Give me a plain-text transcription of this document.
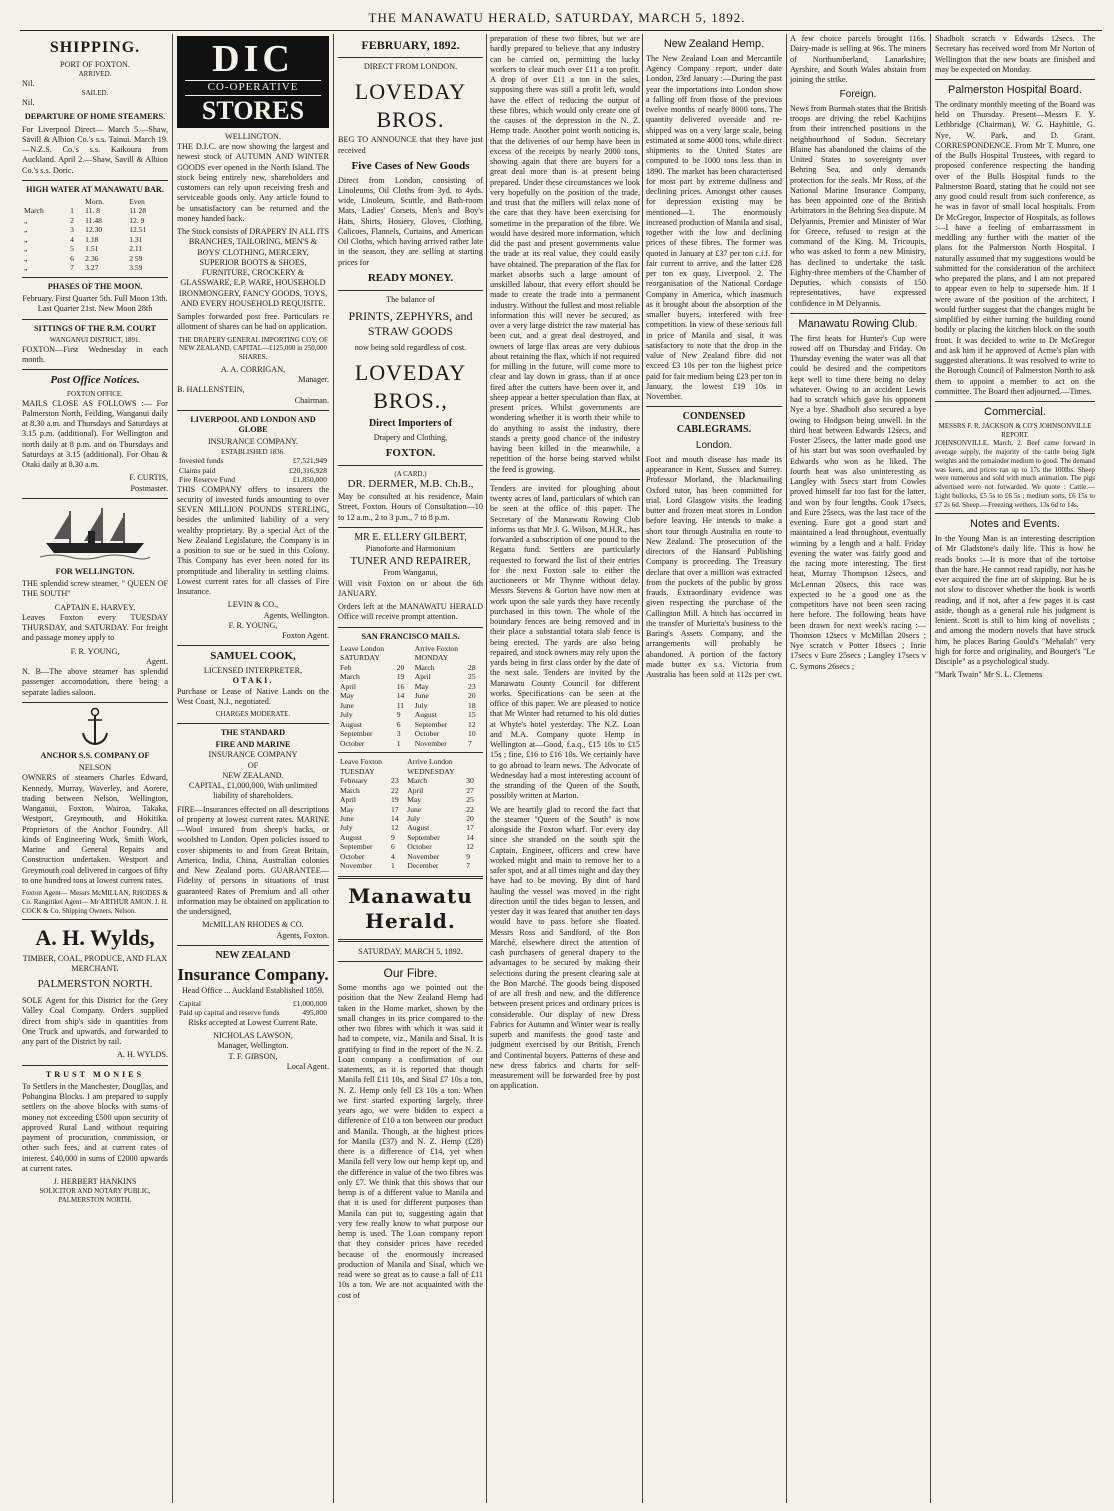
THE MANAWATU HERALD, SATURDAY, MARCH 5, 1892.
SHIPPING.
PORT OF FOXTON.
ARRIVED.
Nil.
SAILED.
Nil.
DEPARTURE OF HOME STEAMERS.

For Liverpool Direct— March 5.—Shaw, Savill & Albion Co.'s s.s. Tainui. March 19.—N.Z.S. Co.'s s.s. Kaikoura from Auckland. April 2.—Shaw, Savill & Albion Co.'s s.s. Doric.

HIGH WATER AT MANAWATU BAR.
		Morn.	Even
March	1	11. 8	11 28
„	2	11.48	12. 9
„	3	12.30	12.51
„	4	1.18	1.31
„	5	1.51	2.11
„	6	2.36	2 59
„	7	3.27	3.59
PHASES OF THE MOON.

February. First Quarter 5th. Full Moon 13th. Last Quarter 21st. New Moon 28th

SITTINGS OF THE R.M. COURT
WANGANUI DISTRICT, 1891.

FOXTON—First Wednesday in each month.

Post Office Notices.
FOXTON OFFICE.

MAILS CLOSE AS FOLLOWS :— For Palmerston North, Feilding, Wanganui daily at 8.30 a.m. and Thursdays and Saturdays at 3.15 p.m. (additional). For Wellington and north daily at 8 p.m. and on Thursdays and Saturdays at 3.15 (additional). For Ohau & Otaki daily at 8.30 a.m.

F. CURTIS,
Postmaster.
FOR WELLINGTON.

THE splendid screw steamer, " QUEEN OF THE SOUTH"

CAPTAIN E. HARVEY,

Leaves Foxton every TUESDAY THURSDAY, and SATURDAY. For freight and passage money apply to

F. R. YOUNG,
Agent.

N. B—The above steamer has splendid passenger accomodation, there being a separate ladies saloon.

ANCHOR S.S. COMPANY OF
NELSON

OWNERS of steamers Charles Edward, Kennedy, Murray, Waverley, and Aorere, trading between Nelson, Wellington, Wanganui, Foxton, Wairoa, Takaka, Westport, Greymouth, and Hokitika. Proprietors of the Anchor Foundry. All kinds of Engineering Work, Smith Work, Marine and General Repairs and Construction undertaken. Westport and Greymouth coal delivered in cargoes of fifty to one hundred tons at lowest current rates.

Foxton Agent— Messrs McMILLAN, RHODES & Co. Rangitikei Agent— Mr ARTHUR AMON. J. H. COCK & Co. Shipping Owners, Nelson.

A. H. Wylds,
TIMBER, COAL, PRODUCE, AND FLAX MERCHANT.
PALMERSTON NORTH.

SOLE Agent for this District for the Grey Valley Coal Company. Orders supplied direct from ship's side in quantities from One Truck and upwards, and forwarded to any part of the District by rail.

A. H. WYLDS.
TRUST MONIES

To Settlers in the Manchester, Dougllas, and Pohangina Blocks. I am prepared to supply settlers on the above blocks with sums of money not exceeding £500 upon security of approved Rural Land without requiring payment of procuration, commission, or other such fees, and at current rates of interest. £40,000 in sums of £2000 upwards at current rates.

J. HERBERT HANKINS
SOLICITOR AND NOTARY PUBLIC, PALMERSTON NORTH.
DIC
CO-OPERATIVE
STORES
WELLINGTON.

THE D.I.C. are now showing the largest and newest stock of AUTUMN AND WINTER GOODS ever opened in the North Island. The stock being entirely new, shareholders and customers can rely upon receiving fresh and serviceable goods only. Any article found to be unsatisfactory can be returned and the money handed back.

The Stock consists of DRAPERY IN ALL ITS BRANCHES, TAILORING, MEN'S & BOYS' CLOTHING, MERCERY, SUPERIOR BOOTS & SHOES, FURNITURE, CROCKERY & GLASSWARE, E.P. WARE, HOUSEHOLD IRONMONGERY, FANCY GOODS, TOYS, AND EVERY HOUSEHOLD REQUISITE.

Samples forwarded post free. Particulars re allotment of shares can be had on application.

THE DRAPERY GENERAL IMPORTING COY, OF NEW ZEALAND, CAPITAL—£125,000 in 250,000 SHARES.

A. A. CORRIGAN,
Manager.
B. HALLENSTEIN,
Chairman.
LIVERPOOL AND LONDON AND GLOBE
INSURANCE COMPANY.
ESTABLISHED 1836.
Invested funds	£7,521,949
Claims paid	£20,316,928
Fire Reserve Fund	£1,850,000

THIS COMPANY offers to insurers the security of invested funds amounting to over SEVEN MILLION POUNDS STERLING, besides the unlimited liability of a very wealthy proprietary. By a special Act of the New Zealand Legislature, the Company is in a position to sue or be sued in this Colony. This Company has ever been noted for its promptitude and liberality in settling claims. Lowest current rates for all classes of Fire Insurance.

LEVIN & CO.,
Agents, Wellington.
F. R. YOUNG,
Foxton Agent.
SAMUEL COOK,
LICENSED INTERPRETER,
OTAKI.

Purchase or Lease of Native Lands on the West Coast, N.I., negotiated.

CHARGES MODERATE.
THE STANDARD
FIRE AND MARINE
INSURANCE COMPANY
OF
NEW ZEALAND.

CAPITAL, £1,000,000, With unlimited liability of shareholders.

FIRE—Insurances effected on all descriptions of property at lowest current rates. MARINE—Wool insured from sheep's backs, or woolshed to London. Open policies issued to cover shipments to and from Great Britain, America, India, China, Australian colonies and New Zealand ports. GUARANTEE—Fidelity of persons in situations of trust guaranteed Rates of Premium and all other information may be obtained on application to the undersigned,

McMILLAN RHODES & CO.
Agents, Foxton.
NEW ZEALAND
Insurance Company.

Head Office ... Auckland Established 1859.

Capital	£1,000,000
Paid up capital and reserve funds	495,000

Risks accepted at Lowest Current Rate.

NICHOLAS LAWSON,
Manager, Wellington.
T. F. GIBSON,
Local Agent.
FEBRUARY, 1892.
DIRECT FROM LONDON.
LOVEDAY BROS.

BEG TO ANNOUNCE that they have just received

Five Cases of New Goods

Direct from London, consisting of Linoleums, Oil Cloths from 3yd. to 4yds. wide, Linoleum, Scuttle, and Bath-room Mats, Ladies' Corsets, Men's and Boy's Hats, Shirts, Hosiery, Gloves, Clothing, Calicoes, Flannels, Curtains, and American Oil Cloths, which having arrived rather late in the season, they are selling at starting prices for

READY MONEY.
The balance of
PRINTS, ZEPHYRS, and STRAW GOODS
now being sold regardless of cost.
LOVEDAY BROS.,
Direct Importers of
Drapery and Clothing,
FOXTON.
(A CARD.)
DR. DERMER, M.B. Ch.B.,

May be consulted at his residence, Main Street, Foxton. Hours of Consultation—10 to 12 a.m., 2 to 3 p.m., 7 to 8 p.m.

MR E. ELLERY GILBERT,
Pianoforte and Harmonium
TUNER AND REPAIRER,
From Wanganui,

Will visit Foxton on or about the 6th JANUARY.

Orders left at the MANAWATU HERALD Office will receive prompt attention.

SAN FRANCISCO MAILS.
Leave London SATURDAY		Arrive Foxton MONDAY	
Feb	20	March	28
March	19	April	25
April	16	May	23
May	14	June	20
June	11	July	18
July	9	August	15
August	6	September	12
September	3	October	10
October	1	November	7
Leave Foxton TUESDAY		Arrive London WEDNESDAY	
February	23	March	30
March	22	April	27
April	19	May	25
May	17	June	22
June	14	July	20
July	12	August	17
August	9	September	14
September	6	October	12
October	4	November	9
November	1	December	7
Manawatu Herald.
SATURDAY, MARCH 5, 1892.
Our Fibre.

Some months ago we pointed out the position that the New Zealand Hemp had taken in the Home market, shown by the small changes in its price compared to the other two fibres with which it was said it had to compete, viz., Manila and Sisal. It is gratifying to find in the report of the N. Z. Loan company a confirmation of our statements, as it is reported that though Manila fell £11 10s, and Sisal £7 10s a ton, N. Z. Hemp only fell £3 10s a ton. When we first started exporting largely, three years ago, we were bidden to expect a difference of £10 a ton between our product and Manila. Though, at the highest prices for Manila (£37) and N. Z. Hemp (£28) there is a difference of £14, yet when Manila fell very low our hemp kept up, and the difference in value of the two fibres was only £7. We think that this shows that our hemp is of a different value to Manila and that it is used for different purposes than Manila can put to, suggesting again that very few really know to what purpose our hemp is used. The Loan company report that they consider prices have receded because of the enormously increased production of Manila and Sisal, which we read were so great as to cause a fall of £11 10s a ton. We are not acquainted with the cost of

preparation of these two fibres, but we are hardly prepared to believe that any industry can be carried on, permitting the lucky workers to clear much over £11 a ton profit. A drop of over £11 a ton in the sales, supposing there was still a profit left, would have the effect of reducing the output of these fibres, which would only create one of the causes of the depression in the N. Z. Hemp trade. Another point worth noticing is, that the deliveries of our hemp have been in excess of the receipts by nearly 2000 tons, showing again that there are buyers for a great deal more than is at present being prepared. Under these circumstances we look very hopefully on the position of the trade, and trust that the millers will relax none of the care that they have been exercising for sometime in the preparation of the fibre. We would have desired more information, which did the past and present governments value the trade at its real value, they could easily have obtained. The preparation of the flax for market absorbs such a large amount of unskilled labour, that every effort should be made to create the trade into a permanent industry. Without the fullest and most reliable information this will never be secured, as over a very large district the raw material has been cut, and a great deal destroyed, and owners of large flax areas are very dubious about retaining the flax, which if not required for milling in the future, will come more to clear and lay down in grass, than if at once fired after the cutters have been over it, and sheep appear a better speculation than flax, at present prices. Whilst governments are wondering whether it is worth their while to do anything to assist the industry, there stands a pretty good chance of the industry having been killed in the meanwhile, a repetition of the horse being starved whilst the feed is growing.

Tenders are invited for ploughing about twenty acres of land, particulars of which can be seen at the office of this paper. The Secretary of the Manawatu Rowing Club informs us that Mr J. G. Wilson, M.H.R., has forwarded a subscription of one pound to the Regatta fund. Settlers are particularly requested to forward the list of their entries for the next Foxton sale to either the auctioneers or Mr Thynne without delay. Messrs Stevens & Gorton have now men at work upon the sale yards they have recently purchased in this town. The whole of the boundary fences are being removed and in their place a substantial totara slab fence is being erected. The yards are also being repaired, and stock owners may rely upon the yards being in first class order by the date of the next sale. Tenders are invited by the Manawatu County Council for different works. Specifications can be seen at the office of this paper. We are pleased to notice that Mr Winter had returned to his old duties at Whyte's hotel yesterday. The N.Z. Loan and M.A. Company quote Hemp in Wellington at—Good, f.a.q., £15 10s to £15 15s ; fine, £16 to £16 10s. We certainly have to go abroad to learn news. The Advocate of Wednesday had a most interesting account of the stranding of the Queen of the South, possibly written at Marton.

We are heartily glad to record the fact that the steamer "Queen of the South" is now alongside the Foxton wharf. For every day since she stranded on the south spit the Captain, Engineer, officers and crew have worked might and main to remove her to a safer spot, and at all times night and day they have had to be moving. By dint of hard hauling the vessel was moved in the right direction until the tides began to lessen, and yester day it was feared that another ten days would have to pass before she floated. Messrs Ross and Sandford, of the Bon Marché, elsewhere direct the attention of cash purchasers of general drapery to the advantages to be secured by making their selections during the present clearing sale at the Bon Marché. The goods being disposed of are all fresh and new, and the difference between present prices and ordinary prices is considerable. Our display of new Dress Fabrics for Autumn and Winter wear is really superb and manifests the good taste and judgment exercised by our British, French and Continental buyers. Patterns of these and new dress fabrics and charts for self-measurement will be forwarded free by post on application.

New Zealand Hemp.

The New Zealand Loan and Mercantile Agency Company report, under date London, 23rd January :—During the past year the importations into London show a falling off from those of the previous twelve months of nearly 8000 tons. The quantity delivered overside and re-shipped was on a very large scale, being estimated at some 4000 tons, while direct shipments to the United States are computed to be 1000 tons less than in 1890. The market has been characterised for most part by extreme dullness and declining prices. Amongst other causes for depression existing may be mentioned—1. The enormously increased production of Manila and sisal, together with the low and declining prices of these fibres. The former was quoted in January at £37 per ton c.i.f. for fair current to arrive, and the latter £28 per ton ex quay, Liverpool. 2. The reorganisation of the National Cordage Company in America, which inasmuch as it brought about the absorption of the smaller buyers, interfered with free competition. In view of these serious fall in price of Manila and sisal, it was satisfactory to note that the drop in the value of New Zealand fibre did not exceed £3 10s per ton the highest price paid for fair medium being £23 per ton in January, the lowest £19 10s in November.

CONDENSED CABLEGRAMS.
London.

Foot and mouth disease has made its appearance in Kent, Sussex and Surrey. Professor Morland, the blackmailing Oxford tutor, has been committed for trial. Lord Glasgow visits the leading butter and frozen meat stores in London before leaving. He intends to make a short tour through Australia en route to New Zealand. The prosecution of the directors of the Hansard Publishing Company is proceeding. The Treasury declare that over a million was extracted from the pockets of the public by gross frauds. Extraordinary evidence was given respecting the purchase of the Callington Mill. A hitch has occurred in the transfer of Murietta's business to the Baring's Assets Company, and the arrangements will probably be abandoned. A portion of the factory made butter ex s.s. Victoria from Australia has been sold at 112s per cwt. A few choice parcels brought 116s. Dairy-made is selling at 96s. The miners of Northumberland, Lanarkshire, Ayrshire, and South Wales abstain from joining the strike.

Foreign.

News from Burmah states that the British troops are driving the rebel Kachijins from their intrenched positions in the neighbourhood of Sodon. Secretary Blaine has abandoned the claims of the United States to sovereignty over Behring Sea, and only demands protection for the seals. Mr Ross, of the National Marine Insurance Company, has been appointed one of the British Arbitrators in the Behring Sea dispute. M Delyannis, Premier and Minister of War for Greece, refused to resign at the command of the King. M. Tricoupis, who was asked to form a new Ministry, has declined to undertake the task. Eighty-three members of the Chamber of Deputies, which consists of 150 representatives, have expressed confidence in M Delyannis.

Manawatu Rowing Club.

The first heats for Hunter's Cup were rowed off on Thursday and Friday. On Thursday evening the water was all that could be desired and the competitors kept well to time there being no delay whatever. Owing to an accident Lewis had to scratch which gave his opponent Nye a bye. Shadbolt also secured a bye owing to Hodgson being unwell. In the third heat between Edwards 12secs, and Foster 25secs, the latter made good use of his start but was soon overhauled by Edwards who won as he liked. The fourth heat was also uninteresting as Langley with 5secs start from Cowles proved himself far too fast for the latter, and won by four lengths. Cook 17secs, and Eure 25secs, was the last race of the evening. Eure got a good start and maintained a lead throughout, eventually winning by a length and a half. Friday evening the water was fairly good and the racing more interesting. The first heat, Murray Thompson 12secs, and McLennan 20secs, this race was expected to be a good one as the competitors have not been seen racing here before. The following heats have been drawn for next week's racing :— Thomson 12secs v McMillan 20secs ; Nye scratch v Potter 18secs ; Inrie 17secs v Eure 25secs ; Langley 17secs v C. Symons 26secs ;

Shadbolt scratch v Edwards 12secs. The Secretary has received word from Mr Norton of Wellington that the new boats are finished and may be expected on Monday.

Palmerston Hospital Board.

The ordinary monthly meeting of the Board was held on Thursday. Present—Messrs F. Y. Lethbridge (Chairman), W. G. Hayhittle, G. Nye, W. Park, and D. Grant. CORRESPONDENCE. From Mr T. Munro, one of the Bulls Hospital Trustees, with regard to proposed conference respecting the handing over of the Bulls Hospital funds to the Palmerston Board, stating that he could not see any good could result from such conference, as he was in favor of small local hospitals. From Dr McGregor, Inspector of Hospitals, as follows :—I have a feeling of embarrassment in meddling any further with the matter of the plans for the Palmerston North Hospital. I naturally assumed that my suggestions would be submitted for the consideration of the architect who prepared the plans, and I am not prepared to appear even to help to supersede him. If I were aware of the position of the architect, I would further suggest that the changes might be simplified by either turning the building round bodily or placing the kitchen block on the south front. It was decided to write to Dr McGregor and ask him if he approved of Acme's plan with suggested alterations. It was resolved to write to the Borough Council of Palmerston North to ask them to appoint a member to act on the committee. The Board then adjourned.—Times.

Commercial.
MESSRS F. R. JACKSON & CO'S JOHNSONVILLE REPORT.

JOHNSONVILLE, March, 2. Beef came forward in average supply, the majority of the cattle being light weights and the remainder medium to good. The demand was keen, and prices ran up to 17s the 100lbs. Sheep were numerous and sold with much animation. The pigs advertised were not forwarded. We quote : Cattle.—Light bullocks, £5 5s to £6 5s ; medium sorts, £6 15s to £7 2s 6d. Sheep.—Freezing wethers, 13s 6d to 14s.

Notes and Events.

In the Young Man is an interesting description of Mr Gladstone's daily life. This is how he reads books :—It is more that of the tortoise than the hare. He cannot read rapidly, nor has he ever acquired the fine art of skipping. But he is not slow to discover whether the book is worth reading, and if not, after a few pages it is cast aside, though as a general rule his judgment is lenient. Scott is still to him king of novelists ; and among the modern novels that have struck him, he places Baring Gould's "Mehalah" very high for force and originality, and Bourget's "Le Disciple" as a psychological study.

"Mark Twain" Mr S. L. Clemens
